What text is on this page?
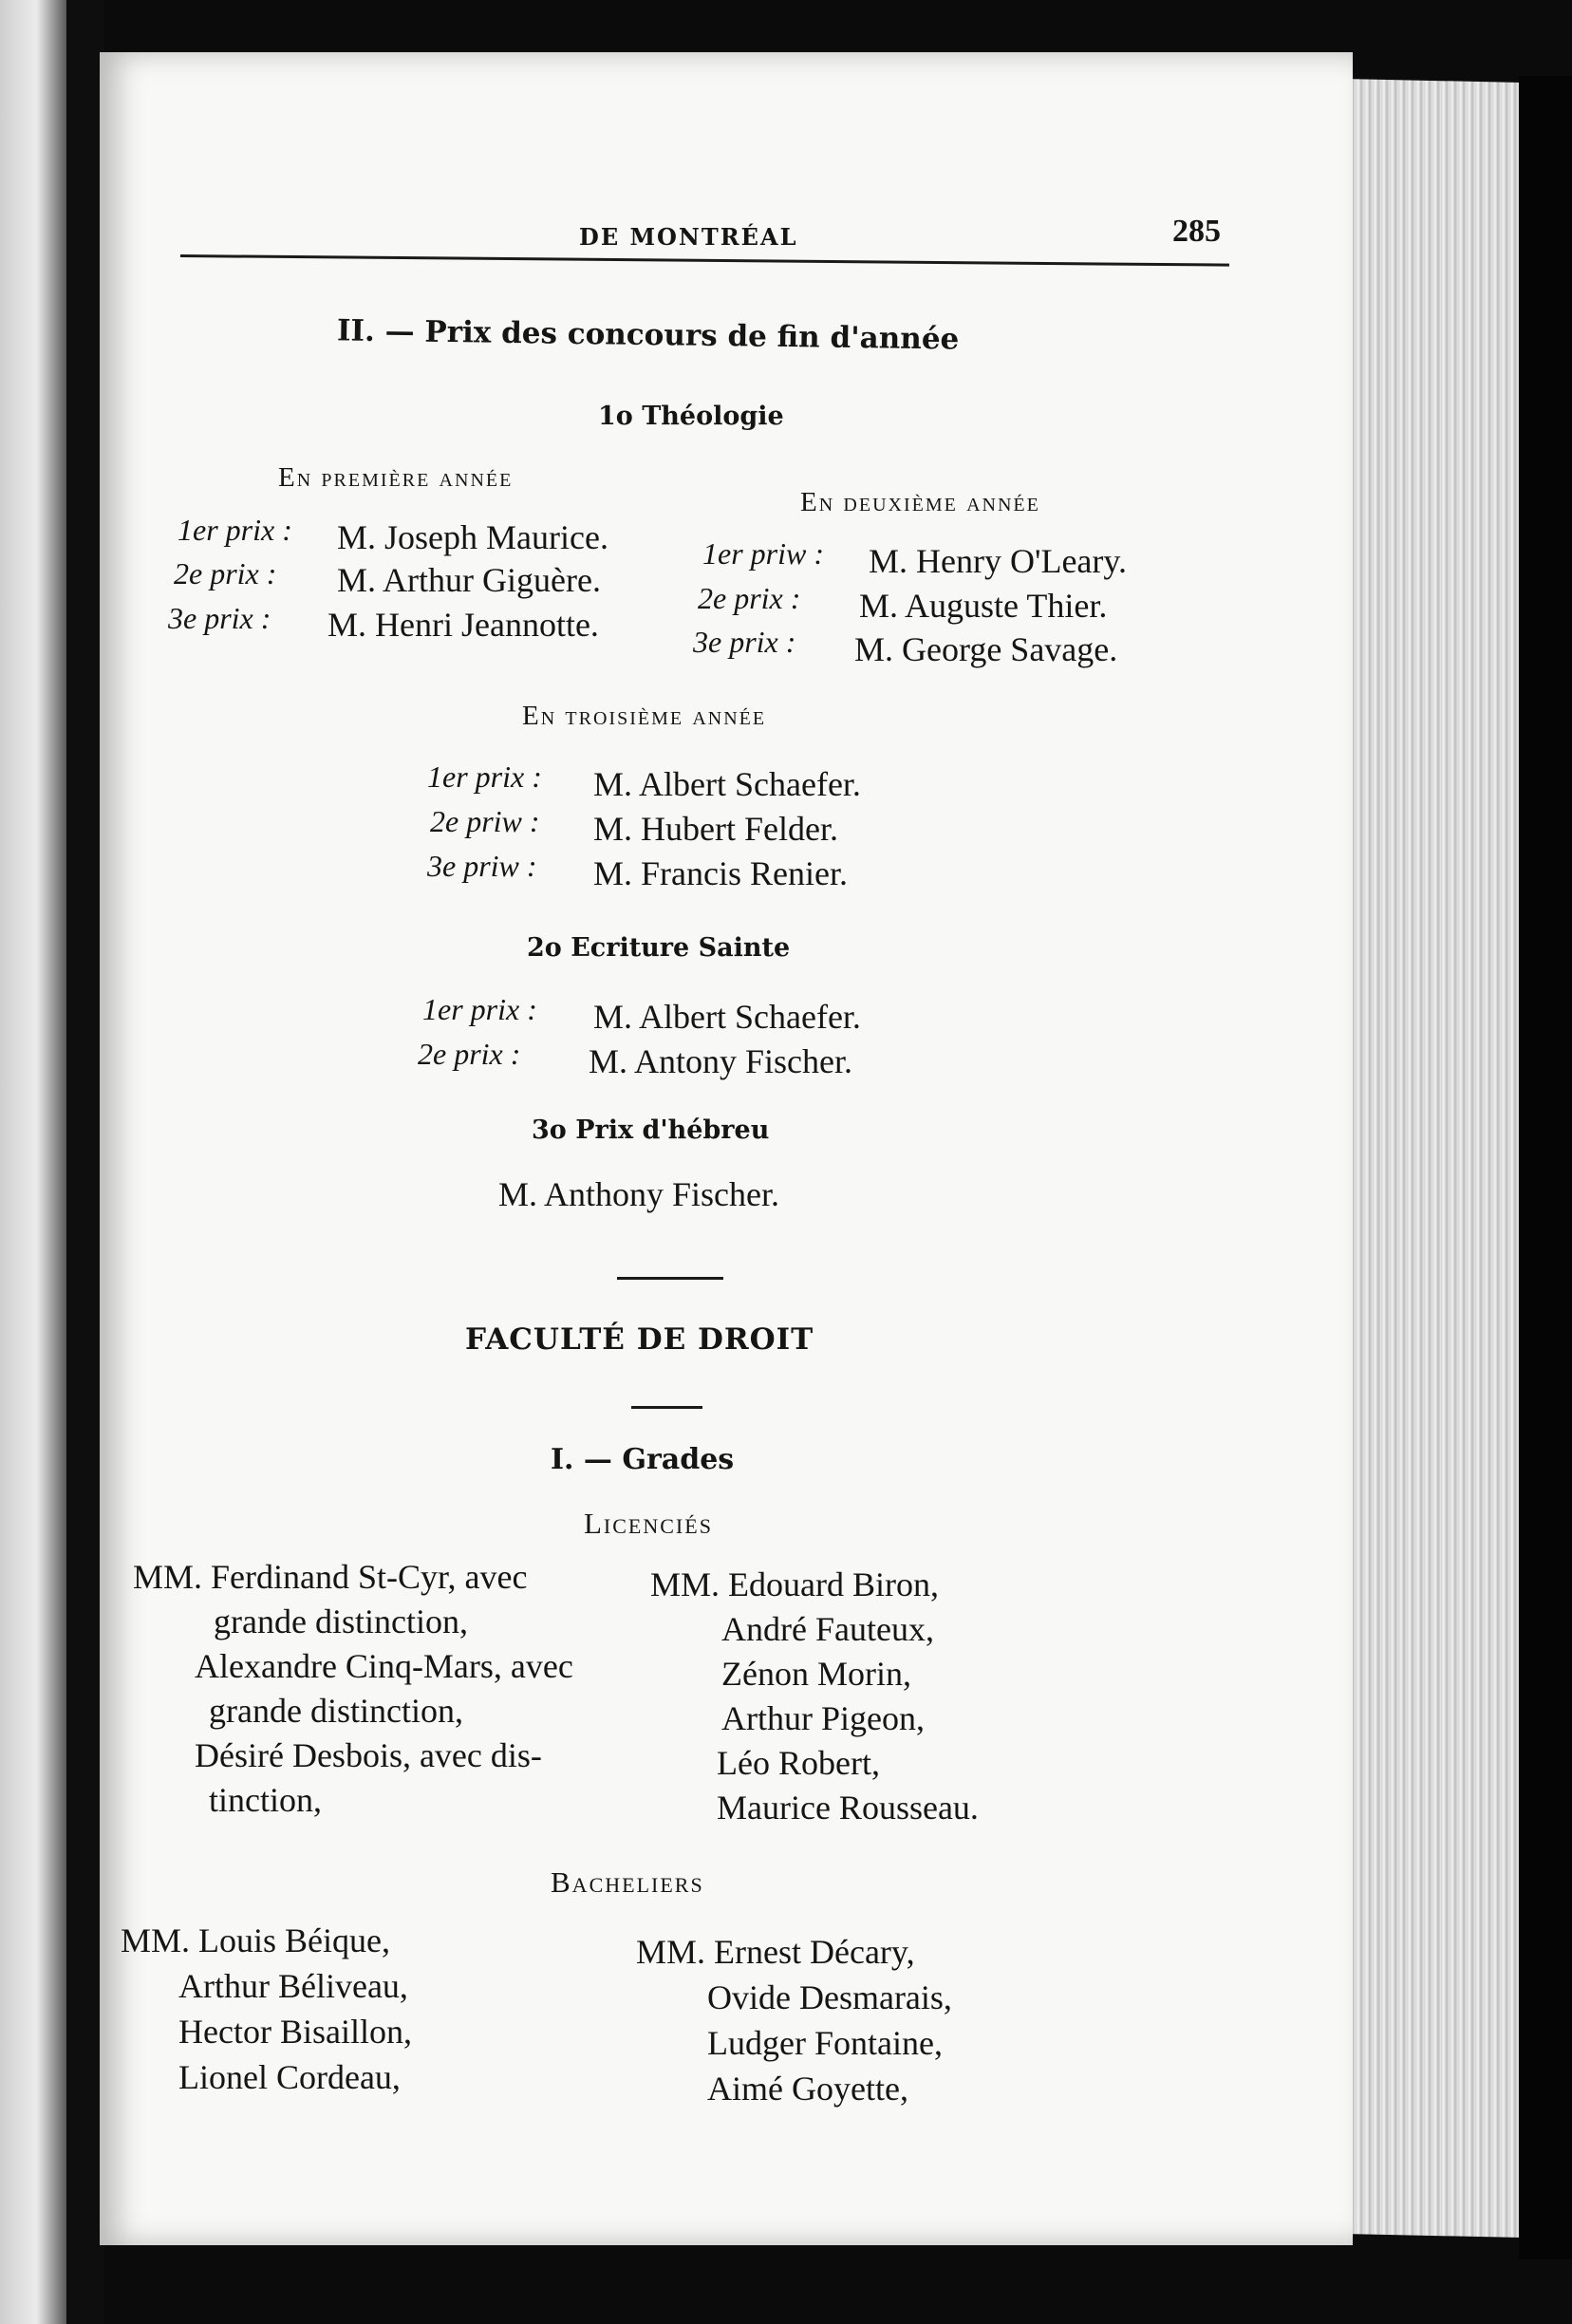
DE MONTRÉAL	285
II. — Prix des concours de fin d'année
1o Théologie
En première année
1er prix : M. Joseph Maurice.
2e prix : M. Arthur Giguère.
3e prix : M. Henri Jeannotte.
En deuxième année
1er priw : M. Henry O'Leary.
2e prix : M. Auguste Thier.
3e prix : M. George Savage.
En troisième année
1er prix : M. Albert Schaefer.
2e priw : M. Hubert Felder.
3e priw : M. Francis Renier.
2o Ecriture Sainte
1er prix : M. Albert Schaefer.
2e prix : M. Antony Fischer.
3o Prix d'hébreu
M. Anthony Fischer.
FACULTÉ DE DROIT
I. — Grades
Licenciés
MM. Ferdinand St-Cyr, avec
grande distinction,
Alexandre Cinq-Mars, avec
grande distinction,
Désiré Desbois, avec dis-
tinction,
MM. Edouard Biron,
André Fauteux,
Zénon Morin,
Arthur Pigeon,
Léo Robert,
Maurice Rousseau.
Bacheliers
MM. Louis Béique,
Arthur Béliveau,
Hector Bisaillon,
Lionel Cordeau,
MM. Ernest Décary,
Ovide Desmarais,
Ludger Fontaine,
Aimé Goyette,
